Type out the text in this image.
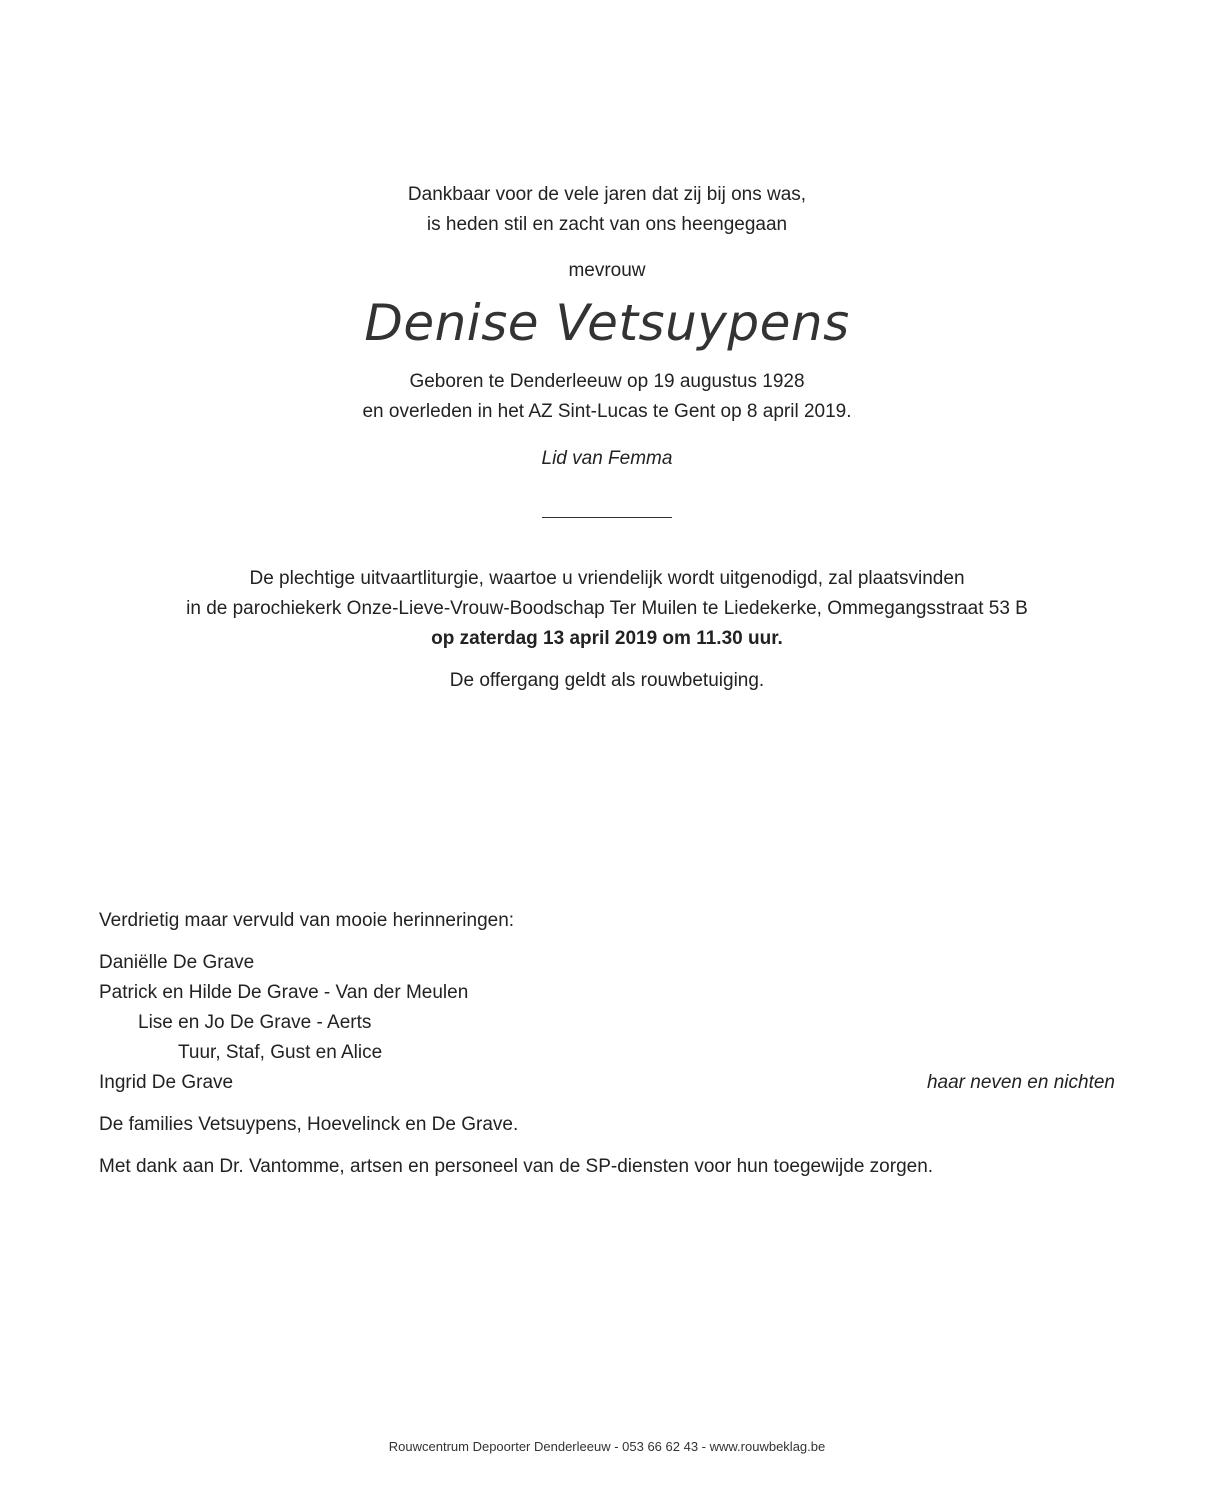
Dankbaar voor de vele jaren dat zij bij ons was,
is heden stil en zacht van ons heengegaan
mevrouw
Denise Vetsuypens
Geboren te Denderleeuw op 19 augustus 1928
en overleden in het AZ Sint-Lucas te Gent op 8 april 2019.
Lid van Femma
De plechtige uitvaartliturgie, waartoe u vriendelijk wordt uitgenodigd, zal plaatsvinden
in de parochiekerk Onze-Lieve-Vrouw-Boodschap Ter Muilen te Liedekerke, Ommegangsstraat 53 B
op zaterdag 13 april 2019 om 11.30 uur.
De offergang geldt als rouwbetuiging.
Verdrietig maar vervuld van mooie herinneringen:
Daniëlle De Grave
Patrick en Hilde De Grave - Van der Meulen
Lise en Jo De Grave - Aerts
Tuur, Staf, Gust en Alice
Ingrid De Grave	haar neven en nichten
De families Vetsuypens, Hoevelinck en De Grave.
Met dank aan Dr. Vantomme, artsen en personeel van de SP-diensten voor hun toegewijde zorgen.
Rouwcentrum Depoorter Denderleeuw - 053 66 62 43 - www.rouwbeklag.be
